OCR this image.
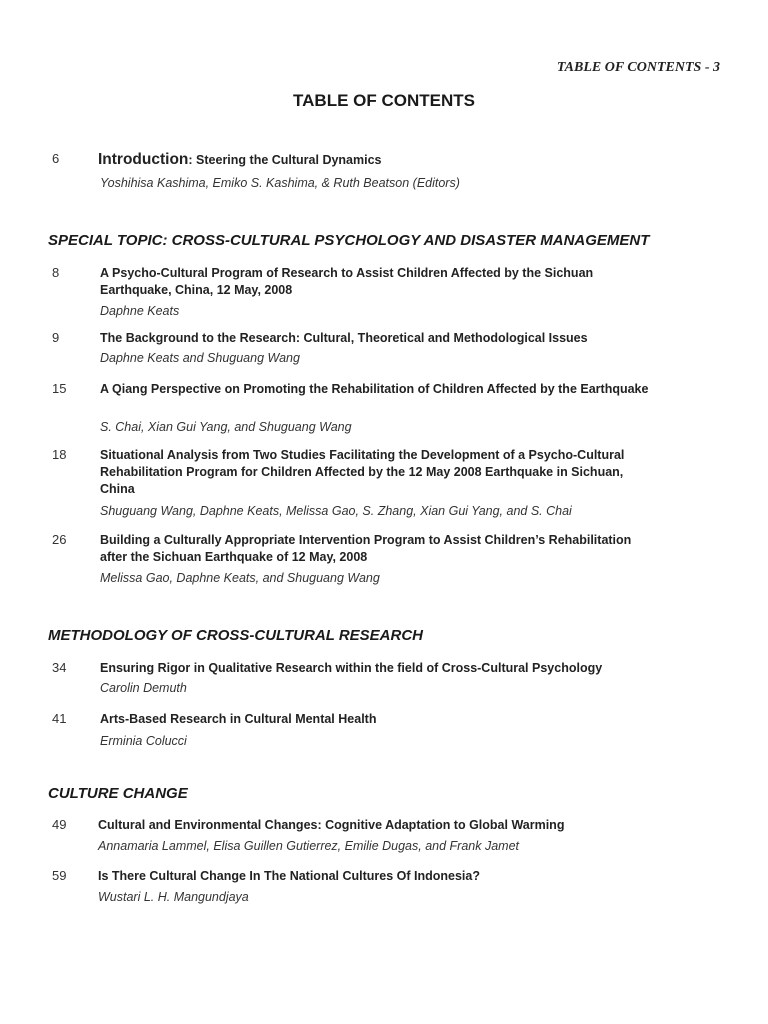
TABLE OF CONTENTS - 3
TABLE OF CONTENTS
6	Introduction: Steering the Cultural Dynamics
Yoshihisa Kashima, Emiko S. Kashima, & Ruth Beatson (Editors)
SPECIAL TOPIC: CROSS-CULTURAL PSYCHOLOGY AND DISASTER MANAGEMENT
8	A Psycho-Cultural Program of Research to Assist Children Affected by the Sichuan Earthquake, China, 12 May, 2008
Daphne Keats
9	The Background to the Research: Cultural, Theoretical and Methodological Issues
Daphne Keats and Shuguang Wang
15	A Qiang Perspective on Promoting the Rehabilitation of Children Affected by the Earthquake
S. Chai, Xian Gui Yang, and Shuguang Wang
18	Situational Analysis from Two Studies Facilitating the Development of a Psycho-Cultural Rehabilitation Program for Children Affected by the 12 May 2008 Earthquake in Sichuan, China
Shuguang Wang, Daphne Keats, Melissa Gao, S. Zhang, Xian Gui Yang, and S. Chai
26	Building a Culturally Appropriate Intervention Program to Assist Children’s Rehabilitation after the Sichuan Earthquake of 12 May, 2008
Melissa Gao, Daphne Keats, and Shuguang Wang
METHODOLOGY OF CROSS-CULTURAL RESEARCH
34	Ensuring Rigor in Qualitative Research within the field of Cross-Cultural Psychology
Carolin Demuth
41	Arts-Based Research in Cultural Mental Health
Erminia Colucci
CULTURE CHANGE
49	Cultural and Environmental Changes: Cognitive Adaptation to Global Warming
Annamaria Lammel, Elisa Guillen Gutierrez, Emilie Dugas, and Frank Jamet
59	Is There Cultural Change In The National Cultures Of Indonesia?
Wustari L. H. Mangundjaya
